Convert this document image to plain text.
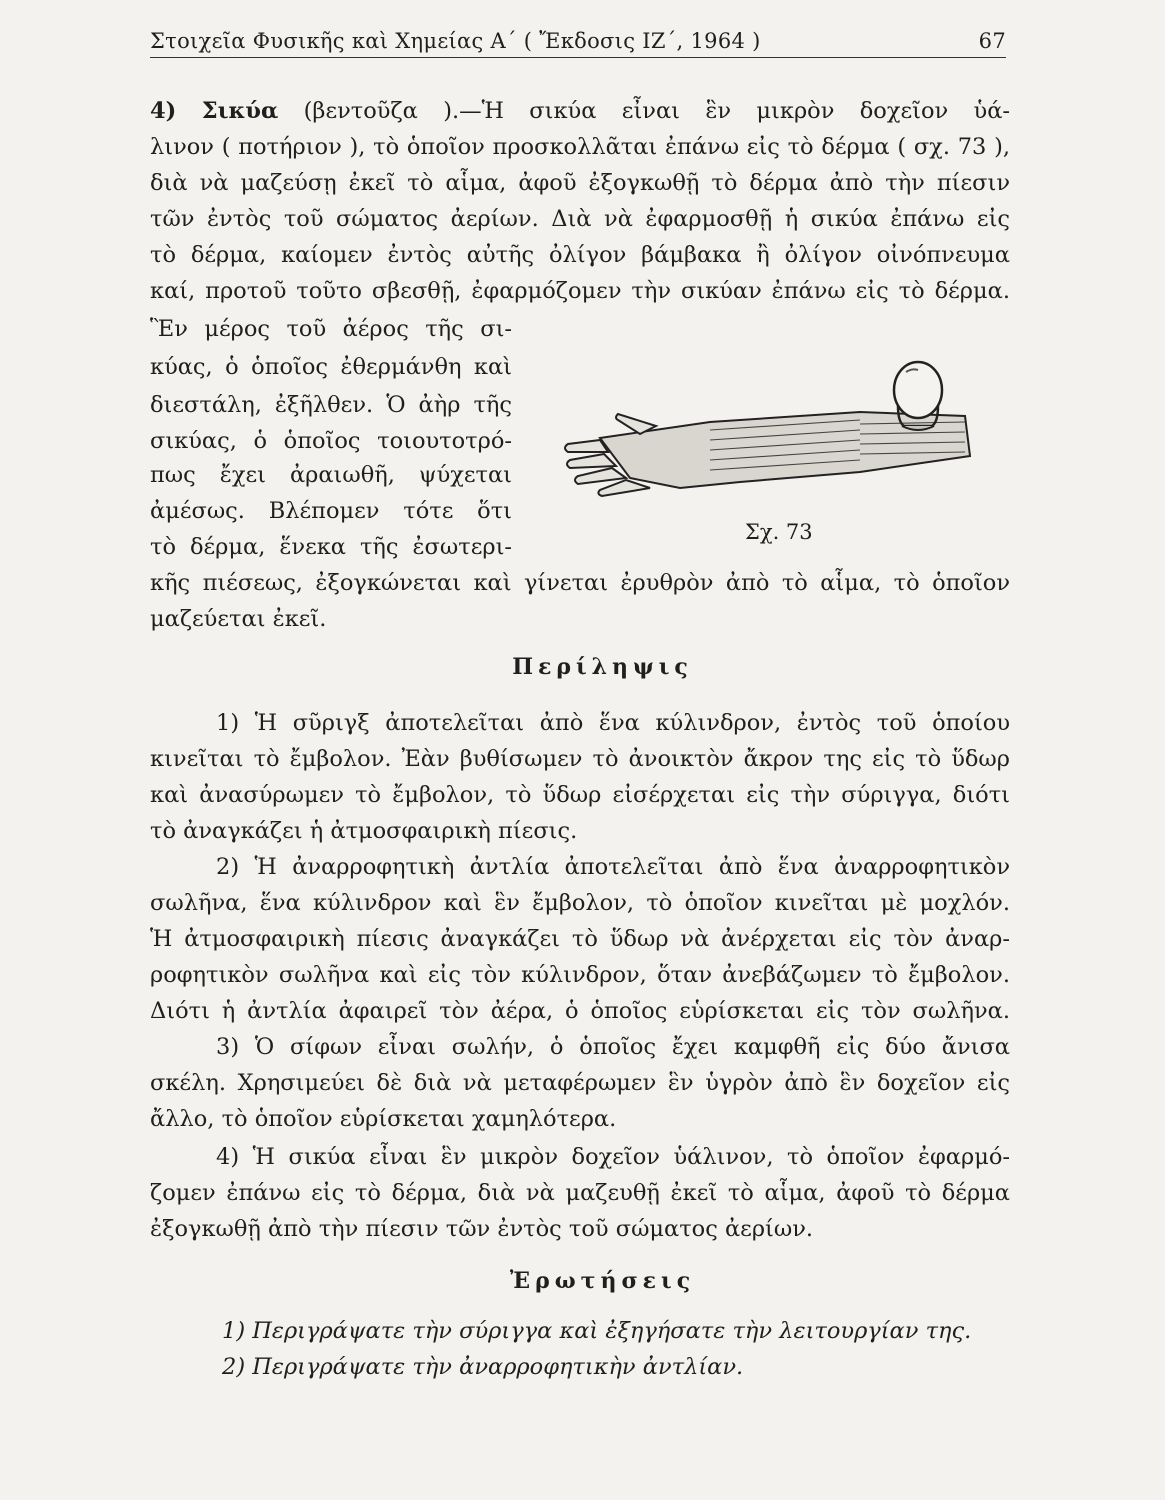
Στοιχεῖα Φυσικῆς καὶ Χημείας Α΄ ( Ἔκδοσις ΙΖ΄, 1964 )	67
4) Σικύα (βεντοῦζα ).—Ἡ σικύα εἶναι ἓν μικρὸν δοχεῖον ὑά-
λινον ( ποτήριον ), τὸ ὁποῖον προσκολλᾶται ἐπάνω εἰς τὸ δέρμα ( σχ. 73 ),
διὰ νὰ μαζεύσῃ ἐκεῖ τὸ αἷμα, ἀφοῦ ἐξογκωθῇ τὸ δέρμα ἀπὸ τὴν πίεσιν
τῶν ἐντὸς τοῦ σώματος ἀερίων. Διὰ νὰ ἐφαρμοσθῇ ἡ σικύα ἐπάνω εἰς
τὸ δέρμα, καίομεν ἐντὸς αὐτῆς ὀλίγον βάμβακα ἢ ὀλίγον οἰνόπνευμα
καί, προτοῦ τοῦτο σβεσθῇ, ἐφαρμόζομεν τὴν σικύαν ἐπάνω εἰς τὸ δέρμα.
Ἓν μέρος τοῦ ἀέρος τῆς σι-
κύας, ὁ ὁποῖος ἐθερμάνθη καὶ
διεστάλη, ἐξῆλθεν. Ὁ ἀὴρ τῆς
σικύας, ὁ ὁποῖος τοιουτοτρό-
πως ἔχει ἀραιωθῆ, ψύχεται
ἀμέσως. Βλέπομεν τότε ὅτι
τὸ δέρμα, ἕνεκα τῆς ἐσωτερι-
Σχ. 73
κῆς πιέσεως, ἐξογκώνεται καὶ γίνεται ἐρυθρὸν ἀπὸ τὸ αἷμα, τὸ ὁποῖον
μαζεύεται ἐκεῖ.
Περίληψις
1) Ἡ σῦριγξ ἀποτελεῖται ἀπὸ ἕνα κύλινδρον, ἐντὸς τοῦ ὁποίου
κινεῖται τὸ ἔμβολον. Ἐὰν βυθίσωμεν τὸ ἀνοικτὸν ἄκρον της εἰς τὸ ὕδωρ
καὶ ἀνασύρωμεν τὸ ἔμβολον, τὸ ὕδωρ εἰσέρχεται εἰς τὴν σύριγγα, διότι
τὸ ἀναγκάζει ἡ ἀτμοσφαιρικὴ πίεσις.
2) Ἡ ἀναρροφητικὴ ἀντλία ἀποτελεῖται ἀπὸ ἕνα ἀναρροφητικὸν
σωλῆνα, ἕνα κύλινδρον καὶ ἓν ἔμβολον, τὸ ὁποῖον κινεῖται μὲ μοχλόν.
Ἡ ἀτμοσφαιρικὴ πίεσις ἀναγκάζει τὸ ὕδωρ νὰ ἀνέρχεται εἰς τὸν ἀναρ-
ροφητικὸν σωλῆνα καὶ εἰς τὸν κύλινδρον, ὅταν ἀνεβάζωμεν τὸ ἔμβολον.
Διότι ἡ ἀντλία ἀφαιρεῖ τὸν ἀέρα, ὁ ὁποῖος εὑρίσκεται εἰς τὸν σωλῆνα.
3) Ὁ σίφων εἶναι σωλήν, ὁ ὁποῖος ἔχει καμφθῆ εἰς δύο ἄνισα
σκέλη. Χρησιμεύει δὲ διὰ νὰ μεταφέρωμεν ἓν ὑγρὸν ἀπὸ ἓν δοχεῖον εἰς
ἄλλο, τὸ ὁποῖον εὑρίσκεται χαμηλότερα.
4) Ἡ σικύα εἶναι ἓν μικρὸν δοχεῖον ὑάλινον, τὸ ὁποῖον ἐφαρμό-
ζομεν ἐπάνω εἰς τὸ δέρμα, διὰ νὰ μαζευθῇ ἐκεῖ τὸ αἷμα, ἀφοῦ τὸ δέρμα
ἐξογκωθῇ ἀπὸ τὴν πίεσιν τῶν ἐντὸς τοῦ σώματος ἀερίων.
Ἐρωτήσεις
1) Περιγράψατε τὴν σύριγγα καὶ ἐξηγήσατε τὴν λειτουργίαν της.
2) Περιγράψατε τὴν ἀναρροφητικὴν ἀντλίαν.
